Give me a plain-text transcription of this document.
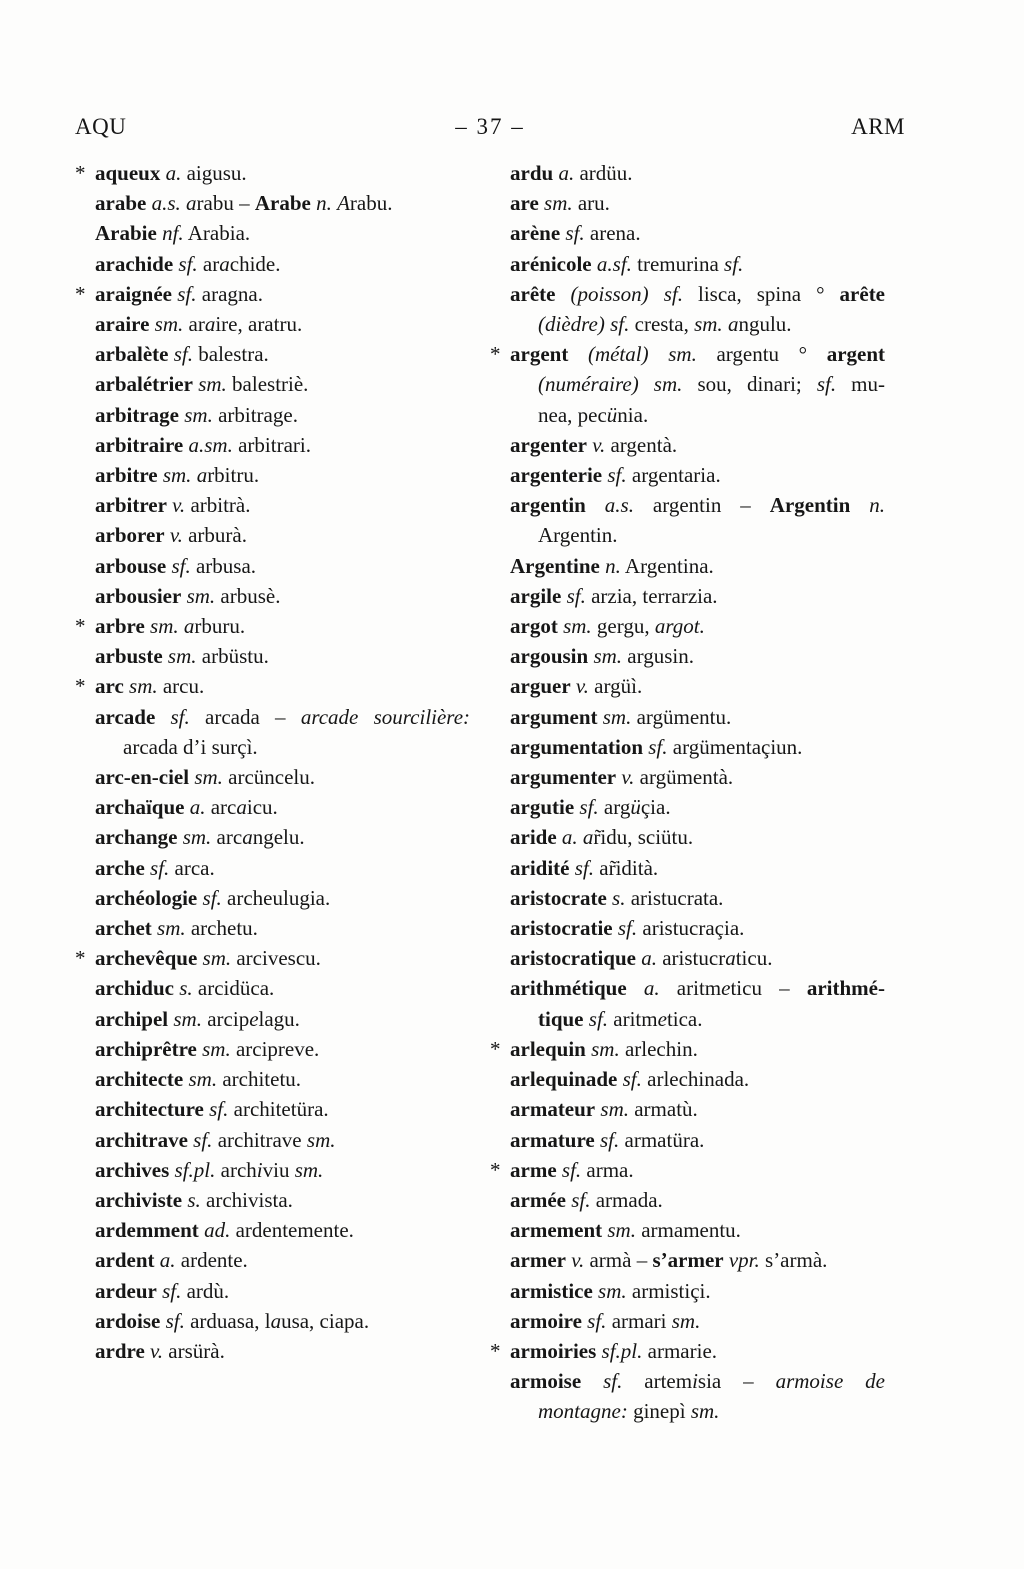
AQU	– 37 –	ARM
* aqueux a. aigusu.
arabe a.s. arabu – Arabe n. Arabu.
Arabie nf. Arabia.
arachide sf. arachide.
* araignée sf. aragna.
araire sm. araire, aratru.
arbalète sf. balestra.
arbalétrier sm. balestriè.
arbitrage sm. arbitrage.
arbitraire a.sm. arbitrari.
arbitre sm. arbitru.
arbitrer v. arbitrà.
arborer v. arburà.
arbouse sf. arbusa.
arbousier sm. arbusè.
* arbre sm. arburu.
arbuste sm. arbüstu.
* arc sm. arcu.
arcade sf. arcada – arcade sourcilière:
arcada d’i surçì.
arc-en-ciel sm. arcüncelu.
archaïque a. arcaicu.
archange sm. arcangelu.
arche sf. arca.
archéologie sf. archeulugia.
archet sm. archetu.
* archevêque sm. arcivescu.
archiduc s. arcidüca.
archipel sm. arcipelagu.
archiprêtre sm. arcipreve.
architecte sm. architetu.
architecture sf. architetüra.
architrave sf. architrave sm.
archives sf.pl. archiviu sm.
archiviste s. archivista.
ardemment ad. ardentemente.
ardent a. ardente.
ardeur sf. ardù.
ardoise sf. arduasa, lausa, ciapa.
ardre v. arsürà.
ardu a. ardüu.
are sm. aru.
arène sf. arena.
arénicole a.sf. tremurina sf.
arête (poisson) sf. lisca, spina ° arête
(dièdre) sf. cresta, sm. angulu.
* argent (métal) sm. argentu ° argent
(numéraire) sm. sou, dinari; sf. mu-
nea, pecünia.
argenter v. argentà.
argenterie sf. argentaria.
argentin a.s. argentin – Argentin n.
Argentin.
Argentine n. Argentina.
argile sf. arzia, terrarzia.
argot sm. gergu, argot.
argousin sm. argusin.
arguer v. argüì.
argument sm. argümentu.
argumentation sf. argümentaçiun.
argumenter v. argümentà.
argutie sf. argüçia.
aride a. ar̃idu, sciütu.
aridité sf. ar̃idità.
aristocrate s. aristucrata.
aristocratie sf. aristucraçia.
aristocratique a. aristucraticu.
arithmétique a. aritmeticu – arithmé-
tique sf. aritmetica.
* arlequin sm. arlechin.
arlequinade sf. arlechinada.
armateur sm. armatù.
armature sf. armatüra.
* arme sf. arma.
armée sf. armada.
armement sm. armamentu.
armer v. armà – s’armer vpr. s’armà.
armistice sm. armistiçi.
armoire sf. armari sm.
* armoiries sf.pl. armarie.
armoise sf. artemisia – armoise de
montagne: ginepì sm.
